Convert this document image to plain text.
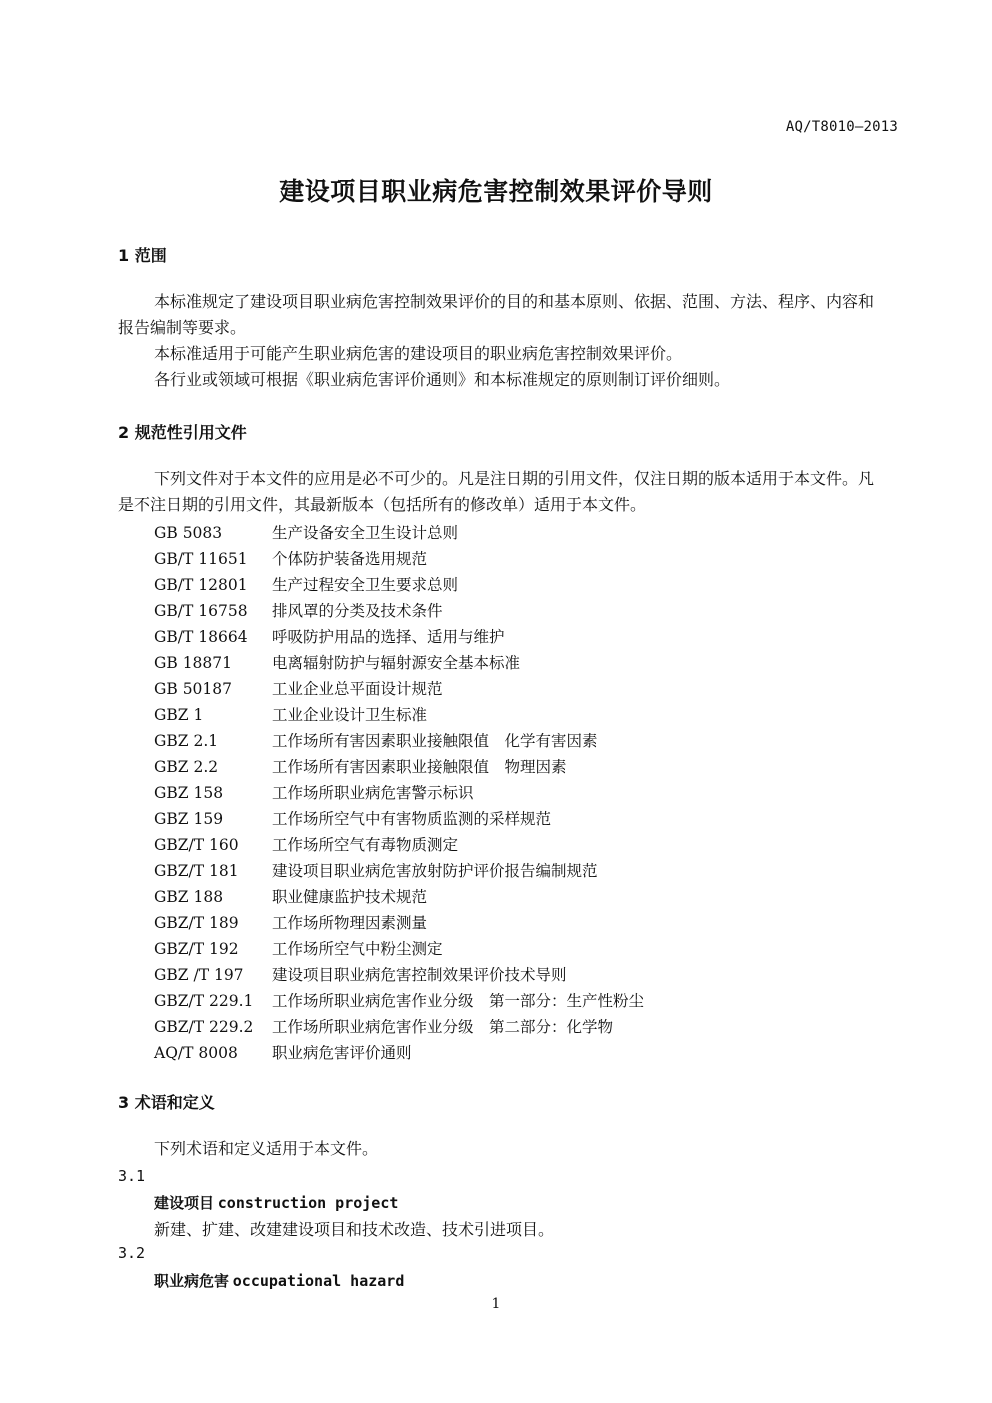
AQ/T8010—2013
建设项目职业病危害控制效果评价导则
1 范围
本标准规定了建设项目职业病危害控制效果评价的目的和基本原则、依据、范围、方法、程序、内容和报告编制等要求。
本标准适用于可能产生职业病危害的建设项目的职业病危害控制效果评价。
各行业或领域可根据《职业病危害评价通则》和本标准规定的原则制订评价细则。
2 规范性引用文件
下列文件对于本文件的应用是必不可少的。凡是注日期的引用文件，仅注日期的版本适用于本文件。凡是不注日期的引用文件，其最新版本（包括所有的修改单）适用于本文件。
GB 5083	生产设备安全卫生设计总则
GB/T 11651 个体防护装备选用规范
GB/T 12801 生产过程安全卫生要求总则
GB/T 16758 排风罩的分类及技术条件
GB/T 18664 呼吸防护用品的选择、适用与维护
GB 18871	电离辐射防护与辐射源安全基本标准
GB 50187	工业企业总平面设计规范
GBZ 1	工业企业设计卫生标准
GBZ 2.1	工作场所有害因素职业接触限值　化学有害因素
GBZ 2.2	工作场所有害因素职业接触限值　物理因素
GBZ 158	工作场所职业病危害警示标识
GBZ 159	工作场所空气中有害物质监测的采样规范
GBZ/T 160 工作场所空气有毒物质测定
GBZ/T 181 建设项目职业病危害放射防护评价报告编制规范
GBZ 188	职业健康监护技术规范
GBZ/T 189 工作场所物理因素测量
GBZ/T 192 工作场所空气中粉尘测定
GBZ /T 197 建设项目职业病危害控制效果评价技术导则
GBZ/T 229.1 工作场所职业病危害作业分级　第一部分：生产性粉尘
GBZ/T 229.2 工作场所职业病危害作业分级　第二部分：化学物
AQ/T 8008 职业病危害评价通则
3 术语和定义
下列术语和定义适用于本文件。
3.1
建设项目 construction project
新建、扩建、改建建设项目和技术改造、技术引进项目。
3.2
职业病危害 occupational hazard
1
